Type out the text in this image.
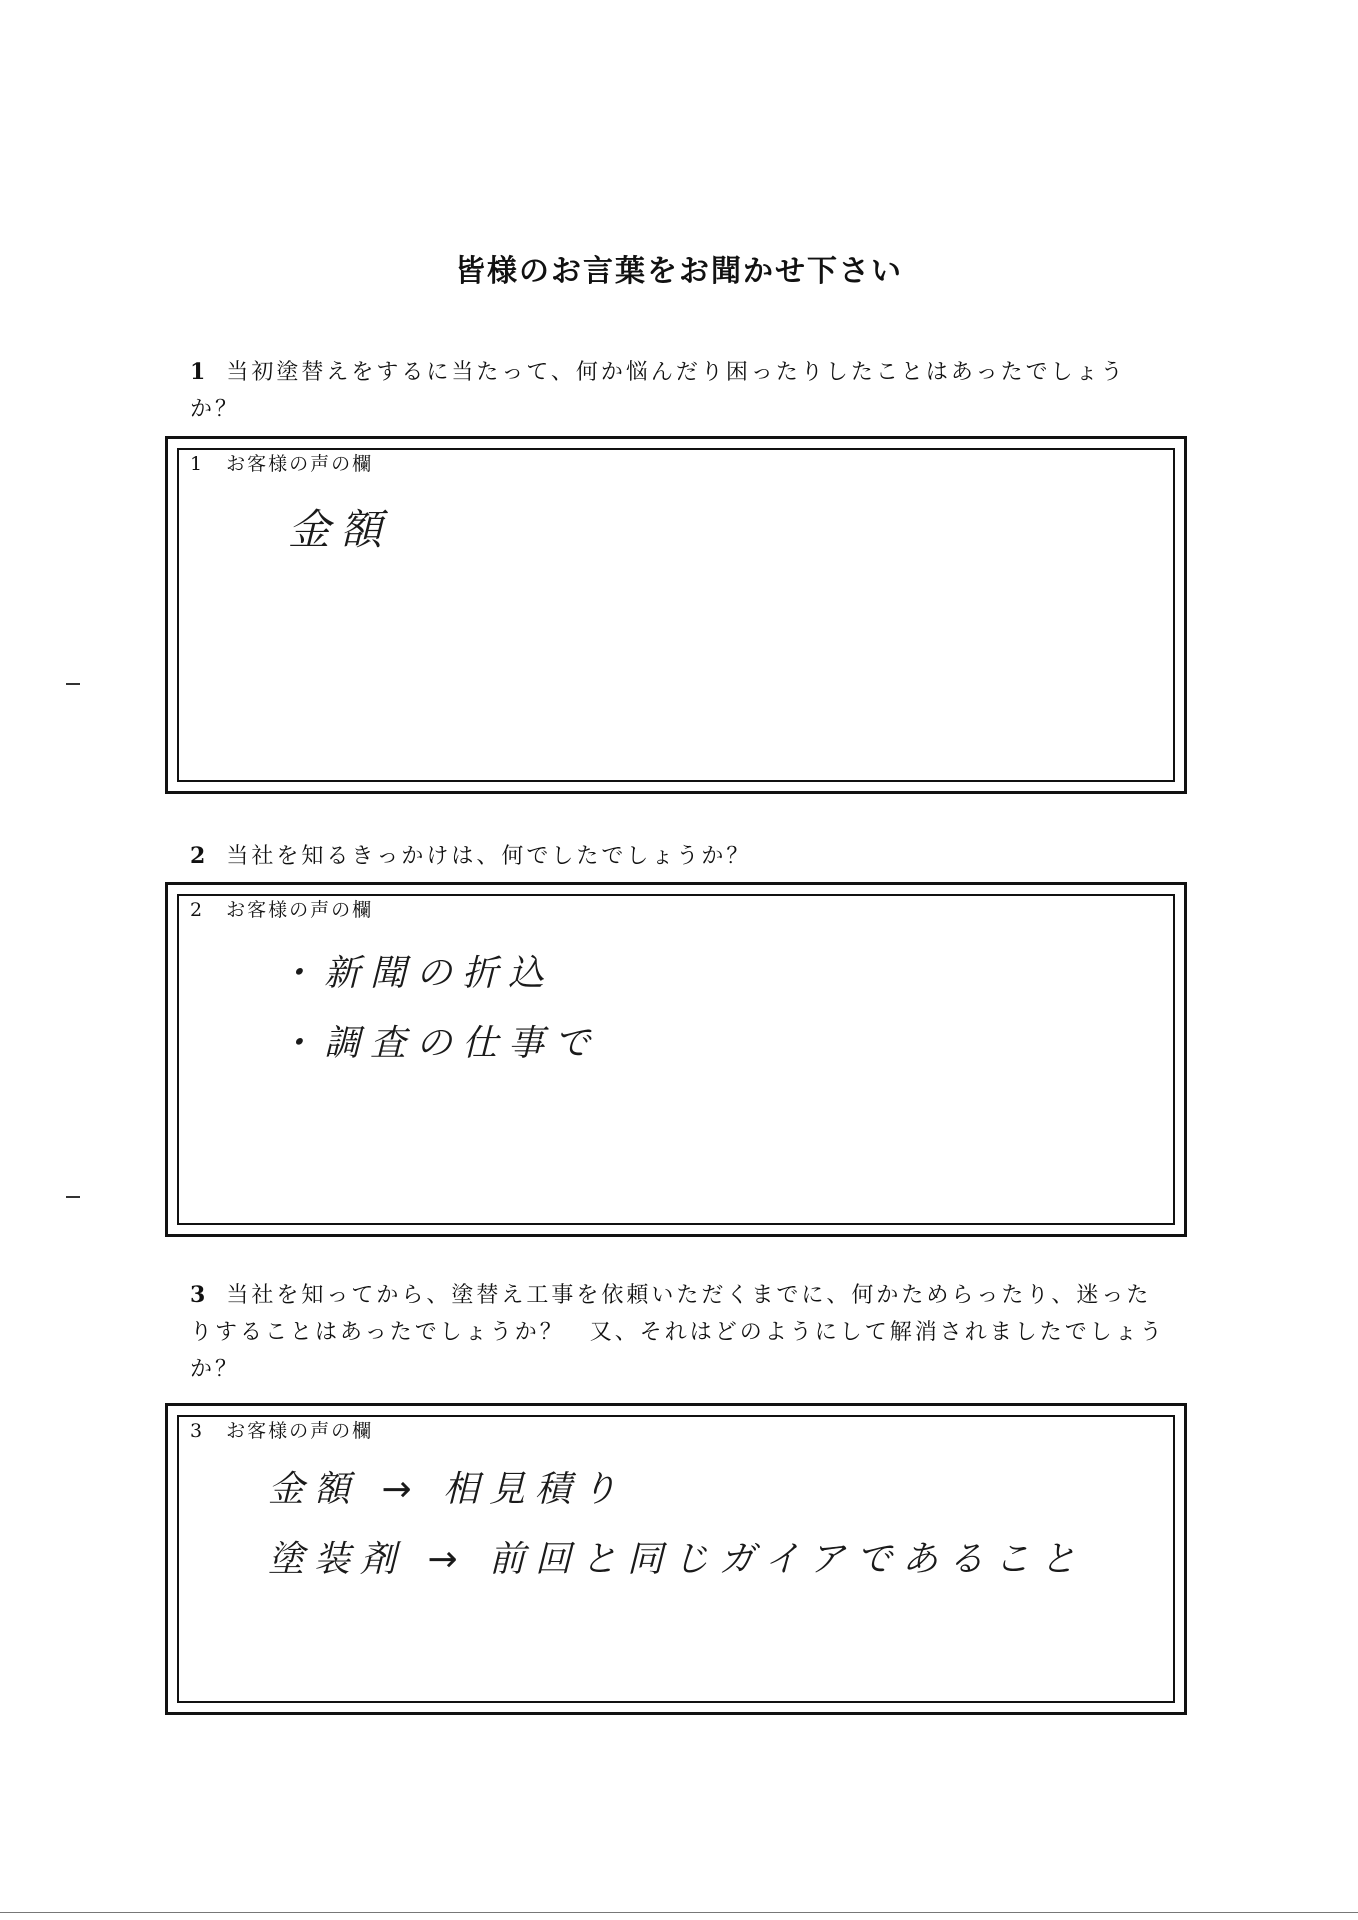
皆様のお言葉をお聞かせ下さい
1 当初塗替えをするに当たって、何か悩んだり困ったりしたことはあったでしょうか？
1 お客様の声の欄
金額
2 当社を知るきっかけは、何でしたでしょうか？
2 お客様の声の欄
・新聞の折込
・調査の仕事で
3 当社を知ってから、塗替え工事を依頼いただくまでに、何かためらったり、迷ったりすることはあったでしょうか？　又、それはどのようにして解消されましたでしょうか？
3 お客様の声の欄
金額 → 相見積り
塗装剤 → 前回と同じガイアであること
